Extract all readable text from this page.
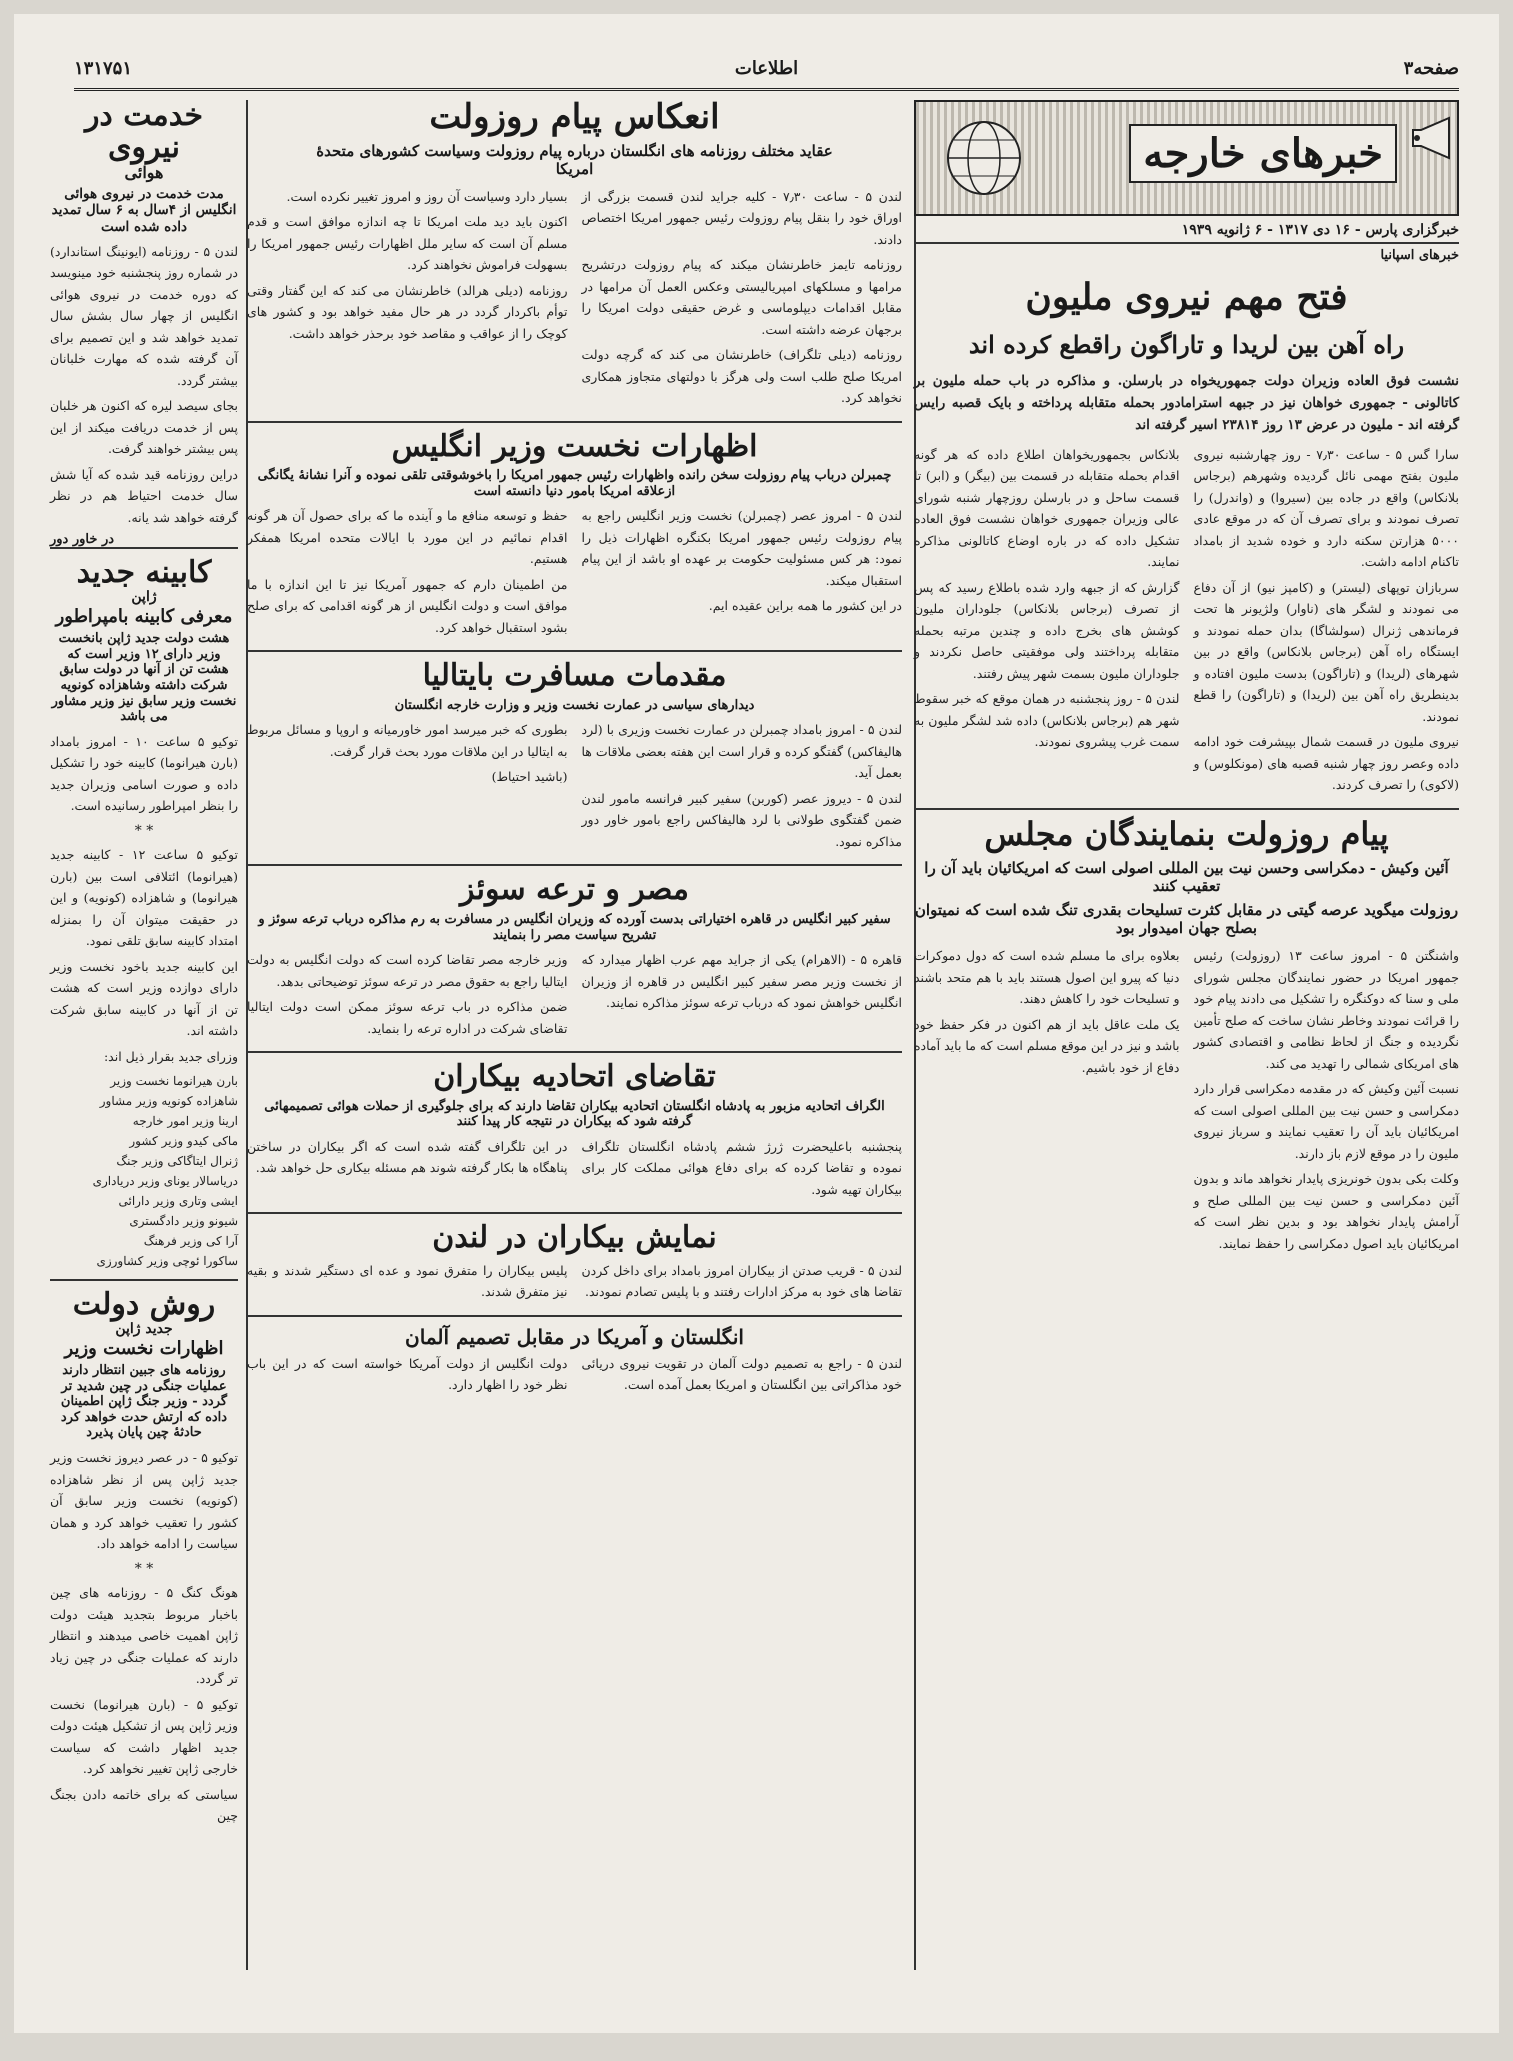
صفحه۳
اطلاعات
۱۳۱۷۵۱
خبرهای خارجه
خبرگزاری پارس - ۱۶ دی ۱۳۱۷ - ۶ ژانویه ۱۹۳۹
خبرهای اسپانیا
فتح مهم نیروی ملیون
راه آهن بین لریدا و تاراگون راقطع کرده اند
نشست فوق العاده وزیران دولت جمهوریخواه در بارسلن. و مذاکره در باب حمله ملیون بر کاتالونی - جمهوری خواهان نیز در جبهه استرامادور بحمله متقابله پرداخته و بایک قصبه رایس گرفته اند - ملیون در عرض ۱۳ روز ۲۳۸۱۴ اسیر گرفته اند

سارا گس ۵ - ساعت ۷٫۳۰ - روز چهارشنبه نیروی ملیون بفتح مهمی نائل گردیده وشهرهم (برجاس بلانکاس) واقع در جاده بین (سیروا) و (واندرل) را تصرف نمودند و برای تصرف آن که در موقع عادی ۵۰۰۰ هزارتن سکنه دارد و خوده شدید از بامداد تاکنام ادامه داشت.

سربازان توپهای (لیستر) و (کامپز نیو) از آن دفاع می نمودند و لشگر های (ناوار) ولژیونر ها تحت فرماندهی ژنرال (سولشاگا) بدان حمله نمودند و ایستگاه راه آهن (برجاس بلانکاس) واقع در بین شهرهای (لریدا) و (تاراگون) بدست ملیون افتاده و بدینطریق راه آهن بین (لریدا) و (تاراگون) را قطع نمودند.

نیروی ملیون در قسمت شمال بپیشرفت خود ادامه داده وعصر روز چهار شنبه قصبه های (مونکلوس) و (لاکوی) را تصرف کردند.

بلانکاس بجمهوریخواهان اطلاع داده که هر گونه اقدام بحمله متقابله در قسمت بین (بیگر) و (ابر) تا قسمت ساحل و در بارسلن روزچهار شنبه شورای عالی وزیران جمهوری خواهان نشست فوق العاده تشکیل داده که در باره اوضاع کاتالونی مذاکره نمایند.

گزارش که از جبهه وارد شده باطلاع رسید که پس از تصرف (برجاس بلانکاس) جلوداران ملیون کوشش های بخرج داده و چندین مرتبه بحمله متقابله پرداختند ولی موفقیتی حاصل نکردند و جلوداران ملیون بسمت شهر پیش رفتند.

لندن ۵ - روز پنجشنبه در همان موقع که خبر سقوط شهر هم (برجاس بلانکاس) داده شد لشگر ملیون به سمت غرب پیشروی نمودند.

پیام روزولت بنمایندگان مجلس
آئین وکیش - دمکراسی وحسن نیت بین المللی اصولی است که امریکائیان باید آن را تعقیب کنند
روزولت میگوید عرصه گیتی در مقابل کثرت تسلیحات بقدری تنگ شده است که نمیتوان بصلح جهان امیدوار بود

واشنگتن ۵ - امروز ساعت ۱۳ (روزولت) رئیس جمهور امریکا در حضور نمایندگان مجلس شورای ملی و سنا که دوکنگره را تشکیل می دادند پیام خود را قرائت نمودند وخاطر نشان ساخت که صلح تأمین نگردیده و جنگ از لحاظ نظامی و اقتصادی کشور های امریکای شمالی را تهدید می کند.

نسبت آئین وکیش که در مقدمه دمکراسی قرار دارد دمکراسی و حسن نیت بین المللی اصولی است که امریکائیان باید آن را تعقیب نمایند و سرباز نیروی ملیون را در موقع لازم باز دارند.

وکلت بکی بدون خونریزی پایدار نخواهد ماند و بدون آئین دمکراسی و حسن نیت بین المللی صلح و آرامش پایدار نخواهد بود و بدین نظر است که امریکائیان باید اصول دمکراسی را حفظ نمایند.

بعلاوه برای ما مسلم شده است که دول دموکرات دنیا که پیرو این اصول هستند باید با هم متحد باشند و تسلیحات خود را کاهش دهند.

یک ملت عاقل باید از هم اکنون در فکر حفظ خود باشد و نیز در این موقع مسلم است که ما باید آماده دفاع از خود باشیم.

انعکاس پیام روزولت
عقاید مختلف روزنامه های انگلستان درباره پیام روزولت وسیاست کشورهای متحدهٔ امریکا

لندن ۵ - ساعت ۷٫۳۰ - کلیه جراید لندن قسمت بزرگی از اوراق خود را بنقل پیام روزولت رئیس جمهور امریکا اختصاص دادند.

روزنامه تایمز خاطرنشان میکند که پیام روزولت درتشریح مرامها و مسلکهای امپریالیستی وعکس العمل آن مرامها در مقابل اقدامات دیپلوماسی و غرض حقیقی دولت امریکا را برجهان عرضه داشته است.

روزنامه (دیلی تلگراف) خاطرنشان می کند که گرچه دولت امریکا صلح طلب است ولی هرگز با دولتهای متجاوز همکاری نخواهد کرد.

بسیار دارد وسیاست آن روز و امروز تغییر نکرده است.

اکنون باید دید ملت امریکا تا چه اندازه موافق است و قدم مسلم آن است که سایر ملل اظهارات رئیس جمهور امریکا را بسهولت فراموش نخواهند کرد.

روزنامه (دیلی هرالد) خاطرنشان می کند که این گفتار وقتی توأم باکردار گردد در هر حال مفید خواهد بود و کشور های کوچک را از عواقب و مقاصد خود برحذر خواهد داشت.

اظهارات نخست وزیر انگلیس
چمبرلن درباب پیام روزولت سخن رانده واظهارات رئیس جمهور امریکا را باخوشوقتی تلقی نموده و آنرا نشانهٔ یگانگی ازعلاقه امریکا بامور دنیا دانسته است

لندن ۵ - امروز عصر (چمبرلن) نخست وزیر انگلیس راجع به پیام روزولت رئیس جمهور امریکا بکنگره اظهارات ذیل را نمود: هر کس مسئولیت حکومت بر عهده او باشد از این پیام استقبال میکند.

در این کشور ما همه براین عقیده ایم.

حفظ و توسعه منافع ما و آینده ما که برای حصول آن هر گونه اقدام نمائیم در این مورد با ایالات متحده امریکا همفکر هستیم.

من اطمینان دارم که جمهور آمریکا نیز تا این اندازه با ما موافق است و دولت انگلیس از هر گونه اقدامی که برای صلح بشود استقبال خواهد کرد.

مقدمات مسافرت بایتالیا
دیدارهای سیاسی در عمارت نخست وزیر و وزارت خارجه انگلستان

لندن ۵ - امروز بامداد چمبرلن در عمارت نخست وزیری با (لرد هالیفاکس) گفتگو کرده و قرار است این هفته بعضی ملاقات ها بعمل آید.

لندن ۵ - دیروز عصر (کوربن) سفیر کبیر فرانسه مامور لندن ضمن گفتگوی طولانی با لرد هالیفاکس راجع بامور خاور دور مذاکره نمود.

بطوری که خبر میرسد امور خاورمیانه و اروپا و مسائل مربوط به ایتالیا در این ملاقات مورد بحث قرار گرفت.

(باشید احتیاط)

مصر و ترعه سوئز
سفیر کبیر انگلیس در قاهره اختیاراتی بدست آورده که وزیران انگلیس در مسافرت به رم مذاکره درباب ترعه سوئز و تشریح سیاست مصر را بنمایند

قاهره ۵ - (الاهرام) یکی از جراید مهم عرب اظهار میدارد که از نخست وزیر مصر سفیر کبیر انگلیس در قاهره از وزیران انگلیس خواهش نمود که درباب ترعه سوئز مذاکره نمایند.

وزیر خارجه مصر تقاضا کرده است که دولت انگلیس به دولت ایتالیا راجع به حقوق مصر در ترعه سوئز توضیحاتی بدهد.

ضمن مذاکره در باب ترعه سوئز ممکن است دولت ایتالیا تقاضای شرکت در اداره ترعه را بنماید.

تقاضای اتحادیه بیکاران
الگراف اتحادیه مزبور به پادشاه انگلستان اتحادیه بیکاران تقاضا دارند که برای جلوگیری از حملات هوائی تصمیمهائی گرفته شود که بیکاران در نتیجه کار پیدا کنند

پنجشنبه باعلیحضرت ژرژ ششم پادشاه انگلستان تلگراف نموده و تقاضا کرده که برای دفاع هوائی مملکت کار برای بیکاران تهیه شود.

در این تلگراف گفته شده است که اگر بیکاران در ساختن پناهگاه ها بکار گرفته شوند هم مسئله بیکاری حل خواهد شد.

نمایش بیکاران در لندن

لندن ۵ - قریب صدتن از بیکاران امروز بامداد برای داخل کردن تقاضا های خود به مرکز ادارات رفتند و با پلیس تصادم نمودند.

پلیس بیکاران را متفرق نمود و عده ای دستگیر شدند و بقیه نیز متفرق شدند.

انگلستان و آمریکا در مقابل تصمیم آلمان

لندن ۵ - راجع به تصمیم دولت آلمان در تقویت نیروی دریائی خود مذاکراتی بین انگلستان و امریکا بعمل آمده است.

دولت انگلیس از دولت آمریکا خواسته است که در این باب نظر خود را اظهار دارد.

خدمت در نیروی
هوائی
مدت خدمت در نیروی هوائی انگلیس از ۴سال به ۶ سال تمدید داده شده است

لندن ۵ - روزنامه (ایونینگ استاندارد) در شماره روز پنجشنبه خود مینویسد که دوره خدمت در نیروی هوائی انگلیس از چهار سال بشش سال تمدید خواهد شد و این تصمیم برای آن گرفته شده که مهارت خلبانان بیشتر گردد.

بجای سیصد لیره که اکنون هر خلبان پس از خدمت دریافت میکند از این پس بیشتر خواهند گرفت.

دراین روزنامه قید شده که آیا شش سال خدمت احتیاط هم در نظر گرفته خواهد شد یانه.

در خاور دور
کابینه جدید
ژاپن
معرفی کابینه بامپراطور
هشت دولت جدید ژاپن بانخست وزیر دارای ۱۲ وزیر است که هشت تن از آنها در دولت سابق شرکت داشته وشاهزاده کونویه نخست وزیر سابق نیز وزیر مشاور می باشد

توکیو ۵ ساعت ۱۰ - امروز بامداد (بارن هیرانوما) کابینه خود را تشکیل داده و صورت اسامی وزیران جدید را بنظر امپراطور رسانیده است.

* *

توکیو ۵ ساعت ۱۲ - کابینه جدید (هیرانوما) ائتلافی است بین (بارن هیرانوما) و شاهزاده (کونویه) و این در حقیقت میتوان آن را بمنزله امتداد کابینه سابق تلقی نمود.

این کابینه جدید باخود نخست وزیر دارای دوازده وزیر است که هشت تن از آنها در کابینه سابق شرکت داشته اند.

وزرای جدید بقرار ذیل اند:

بارن هیرانوما نخست وزیر
شاهزاده کونویه وزیر مشاور
ارینا وزیر امور خارجه
ماکی کیدو وزیر کشور
ژنرال ایتاگاکی وزیر جنگ
دریاسالار یونای وزیر دریاداری
ایشی وتاری وزیر دارائی
شیونو وزیر دادگستری
آرا کی وزیر فرهنگ
ساکورا ئوچی وزیر کشاورزی
روش دولت
جدید ژاپن
اظهارات نخست وزیر
روزنامه های جبین انتظار دارند عملیات جنگی در چین شدید تر گردد - وزیر جنگ ژاپن اطمینان داده که ارتش حدت خواهد کرد حادثهٔ چین پایان پذیرد

توکیو ۵ - در عصر دیروز نخست وزیر جدید ژاپن پس از نظر شاهزاده (کونویه) نخست وزیر سابق آن کشور را تعقیب خواهد کرد و همان سیاست را ادامه خواهد داد.

* *

هونگ کنگ ۵ - روزنامه های چین باخبار مربوط بتجدید هیئت دولت ژاپن اهمیت خاصی میدهند و انتظار دارند که عملیات جنگی در چین زیاد تر گردد.

توکیو ۵ - (بارن هیرانوما) نخست وزیر ژاپن پس از تشکیل هیئت دولت جدید اظهار داشت که سیاست خارجی ژاپن تغییر نخواهد کرد.

سیاستی که برای خاتمه دادن بجنگ چین
